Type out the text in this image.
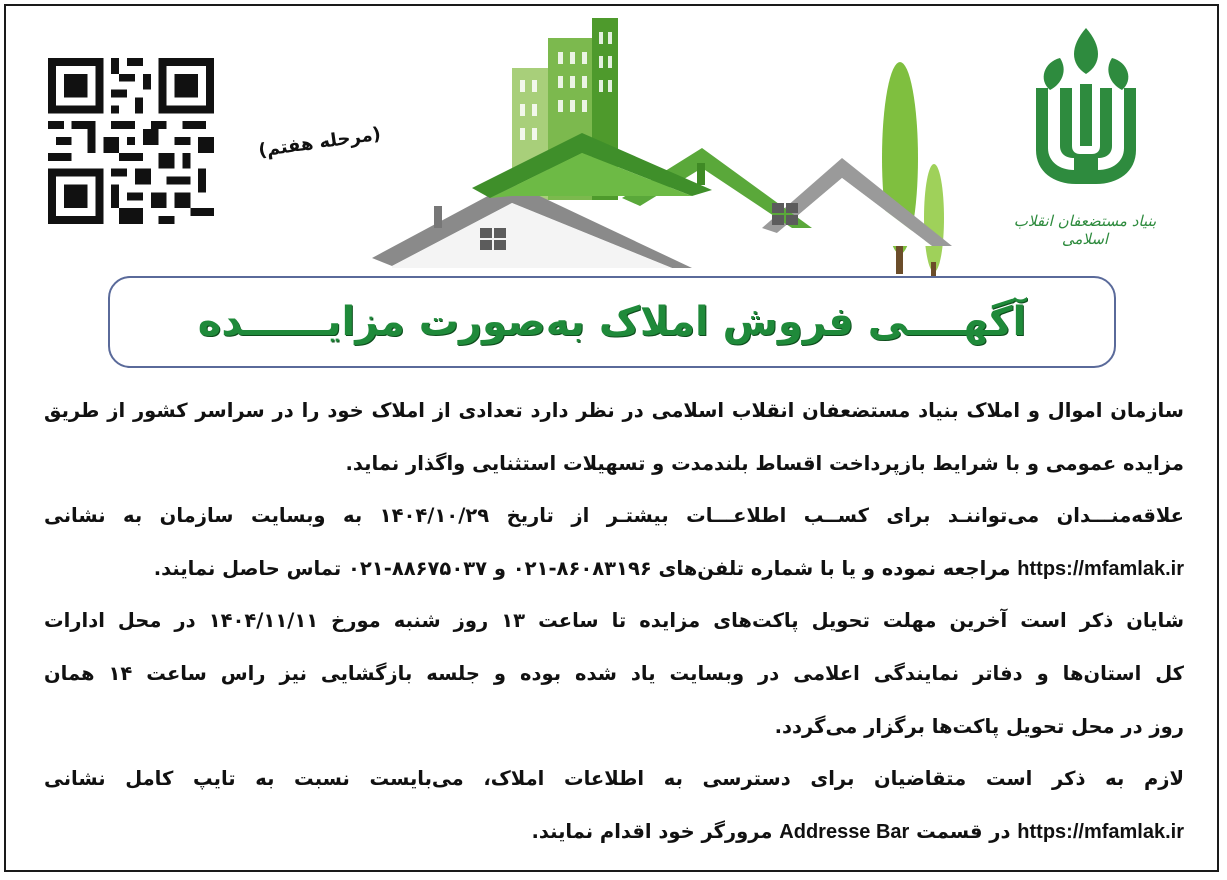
(مرحله هفتم)
بنیاد مستضعفان انقلاب اسلامی
آگهــــی فروش املاک به‌صورت مزایــــــده
سازمان اموال و املاک بنیاد مستضعفان انقلاب اسلامی در نظر دارد تعدادی از املاک خود را در سراسر کشور از طریق
مزایده عمومی و با شرایط بازپرداخت اقساط بلندمدت و تسهیلات استثنایی واگذار نماید.
علاقه‌منـــدان می‌تواننـد برای کســب اطلاعـــات بیشتـر از تاریخ ۱۴۰۴/۱۰/۲۹ به وبسایت سازمان به نشانی
https://mfamlak.ir مراجعه نموده و یا با شماره تلفن‌های ۸۶۰۸۳۱۹۶-۰۲۱ و ۸۸۶۷۵۰۳۷-۰۲۱ تماس حاصل نمایند.
شایان ذکر است آخرین مهلت تحویل پاکت‌های مزایده تا ساعت ۱۳ روز شنبه مورخ ۱۴۰۴/۱۱/۱۱ در محل ادارات
کل استان‌ها و دفاتر نمایندگی اعلامی در وبسایت یاد شده بوده و جلسه بازگشایی نیز راس ساعت ۱۴ همان
روز در محل تحویل پاکت‌ها برگزار می‌گردد.
لازم به ذکر است متقاضیان برای دسترسی به اطلاعات املاک، می‌بایست نسبت به تایپ کامل نشانی
https://mfamlak.ir در قسمت Addresse Bar مرورگر خود اقدام نمایند.
